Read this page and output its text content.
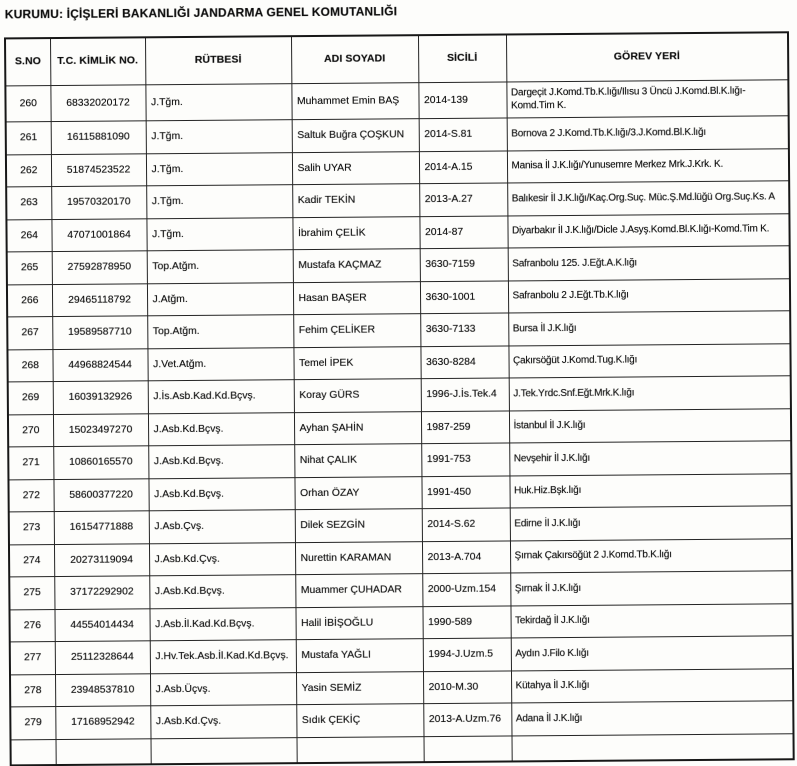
KURUMU: İÇİŞLERİ BAKANLIĞI JANDARMA GENEL KOMUTANLIĞI
S.NO	T.C. KİMLİK NO.	RÜTBESİ	ADI SOYADI	SİCİLİ	GÖREV YERİ
260	68332020172	J.Tğm.	Muhammet Emin BAŞ	2014-139	Dargeçit J.Komd.Tb.K.lığı/Ilısu 3 Üncü J.Komd.Bl.K.lığı-Komd.Tim K.
261	16115881090	J.Tğm.	Saltuk Buğra ÇOŞKUN	2014-S.81	Bornova 2 J.Komd.Tb.K.lığı/3.J.Komd.Bl.K.lığı
262	51874523522	J.Tğm.	Salih UYAR	2014-A.15	Manisa İl J.K.lığı/Yunusemre Merkez Mrk.J.Krk. K.
263	19570320170	J.Tğm.	Kadir TEKİN	2013-A.27	Balıkesir İl J.K.lığı/Kaç.Org.Suç. Müc.Ş.Md.lüğü Org.Suç.Ks. A
264	47071001864	J.Tğm.	İbrahim ÇELİK	2014-87	Diyarbakır İl J.K.lığı/Dicle J.Asyş.Komd.Bl.K.lığı-Komd.Tim K.
265	27592878950	Top.Atğm.	Mustafa KAÇMAZ	3630-7159	Safranbolu 125. J.Eğt.A.K.lığı
266	29465118792	J.Atğm.	Hasan BAŞER	3630-1001	Safranbolu 2 J.Eğt.Tb.K.lığı
267	19589587710	Top.Atğm.	Fehim ÇELİKER	3630-7133	Bursa İl J.K.lığı
268	44968824544	J.Vet.Atğm.	Temel İPEK	3630-8284	Çakırsöğüt J.Komd.Tug.K.lığı
269	16039132926	J.İs.Asb.Kad.Kd.Bçvş.	Koray GÜRS	1996-J.İs.Tek.4	J.Tek.Yrdc.Snf.Eğt.Mrk.K.lığı
270	15023497270	J.Asb.Kd.Bçvş.	Ayhan ŞAHİN	1987-259	İstanbul İl J.K.lığı
271	10860165570	J.Asb.Kd.Bçvş.	Nihat ÇALIK	1991-753	Nevşehir İl J.K.lığı
272	58600377220	J.Asb.Kd.Bçvş.	Orhan ÖZAY	1991-450	Huk.Hiz.Bşk.lığı
273	16154771888	J.Asb.Çvş.	Dilek SEZGİN	2014-S.62	Edirne İl J.K.lığı
274	20273119094	J.Asb.Kd.Çvş.	Nurettin KARAMAN	2013-A.704	Şırnak Çakırsöğüt 2 J.Komd.Tb.K.lığı
275	37172292902	J.Asb.Kd.Bçvş.	Muammer ÇUHADAR	2000-Uzm.154	Şırnak İl J.K.lığı
276	44554014434	J.Asb.İl.Kad.Kd.Bçvş.	Halil İBİŞOĞLU	1990-589	Tekirdağ İl J.K.lığı
277	25112328644	J.Hv.Tek.Asb.İl.Kad.Kd.Bçvş.	Mustafa YAĞLI	1994-J.Uzm.5	Aydın J.Filo K.lığı
278	23948537810	J.Asb.Üçvş.	Yasin SEMİZ	2010-M.30	Kütahya İl J.K.lığı
279	17168952942	J.Asb.Kd.Çvş.	Sıdık ÇEKİÇ	2013-A.Uzm.76	Adana İl J.K.lığı
